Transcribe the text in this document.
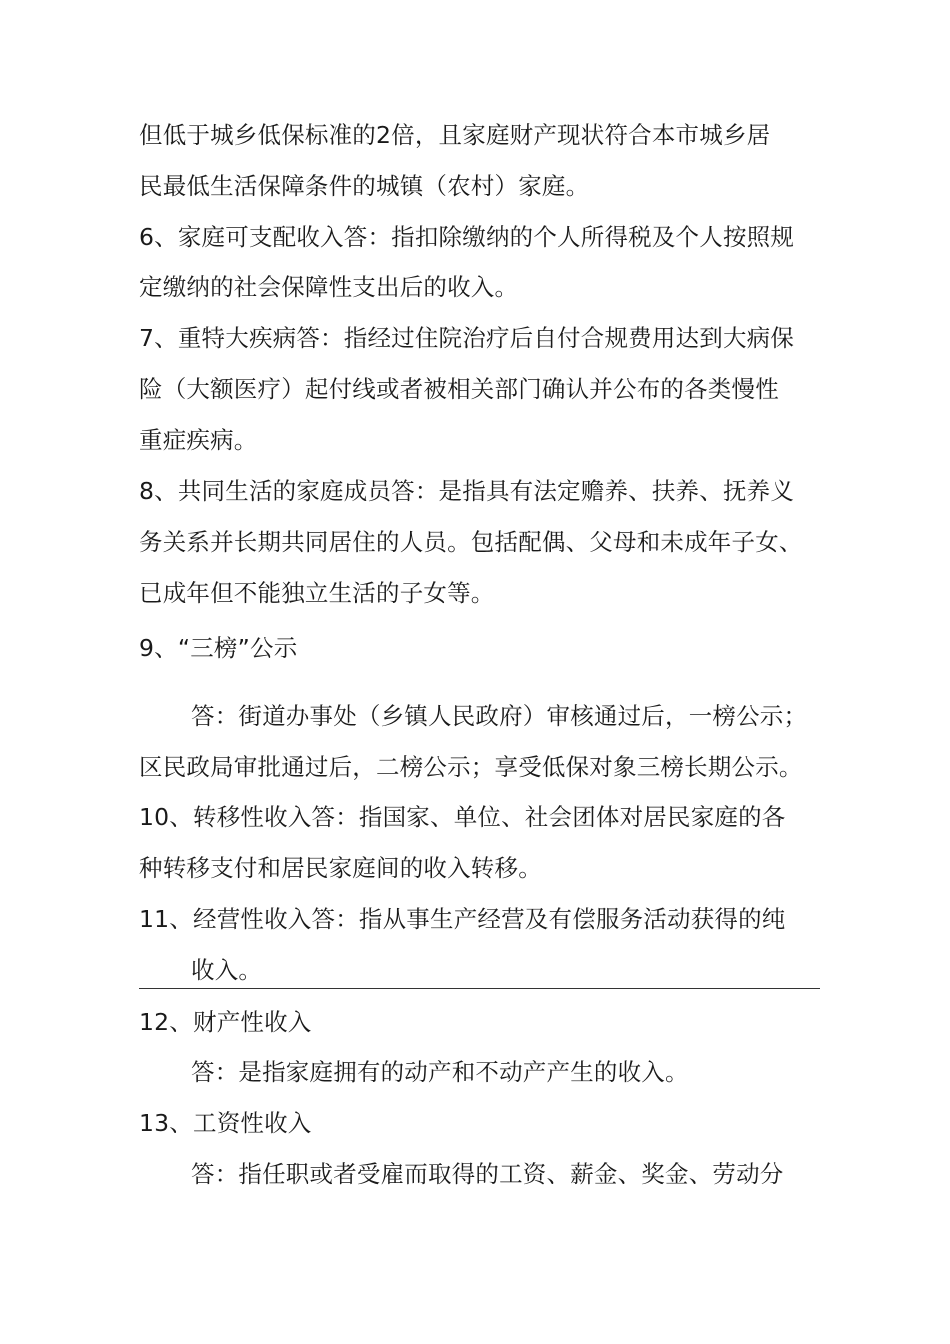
但低于城乡低保标准的2倍，且家庭财产现状符合本市城乡居
民最低生活保障条件的城镇（农村）家庭。
6、家庭可支配收入答：指扣除缴纳的个人所得税及个人按照规
定缴纳的社会保障性支出后的收入。
7、重特大疾病答：指经过住院治疗后自付合规费用达到大病保
险（大额医疗）起付线或者被相关部门确认并公布的各类慢性
重症疾病。
8、共同生活的家庭成员答：是指具有法定赡养、扶养、抚养义
务关系并长期共同居住的人员。包括配偶、父母和未成年子女、
已成年但不能独立生活的子女等。
9、“三榜”公示
答：街道办事处（乡镇人民政府）审核通过后，一榜公示；
区民政局审批通过后，二榜公示；享受低保对象三榜长期公示。
10、转移性收入答：指国家、单位、社会团体对居民家庭的各
种转移支付和居民家庭间的收入转移。
11、经营性收入答：指从事生产经营及有偿服务活动获得的纯
收入。
12、财产性收入
答：是指家庭拥有的动产和不动产产生的收入。
13、工资性收入
答：指任职或者受雇而取得的工资、薪金、奖金、劳动分
